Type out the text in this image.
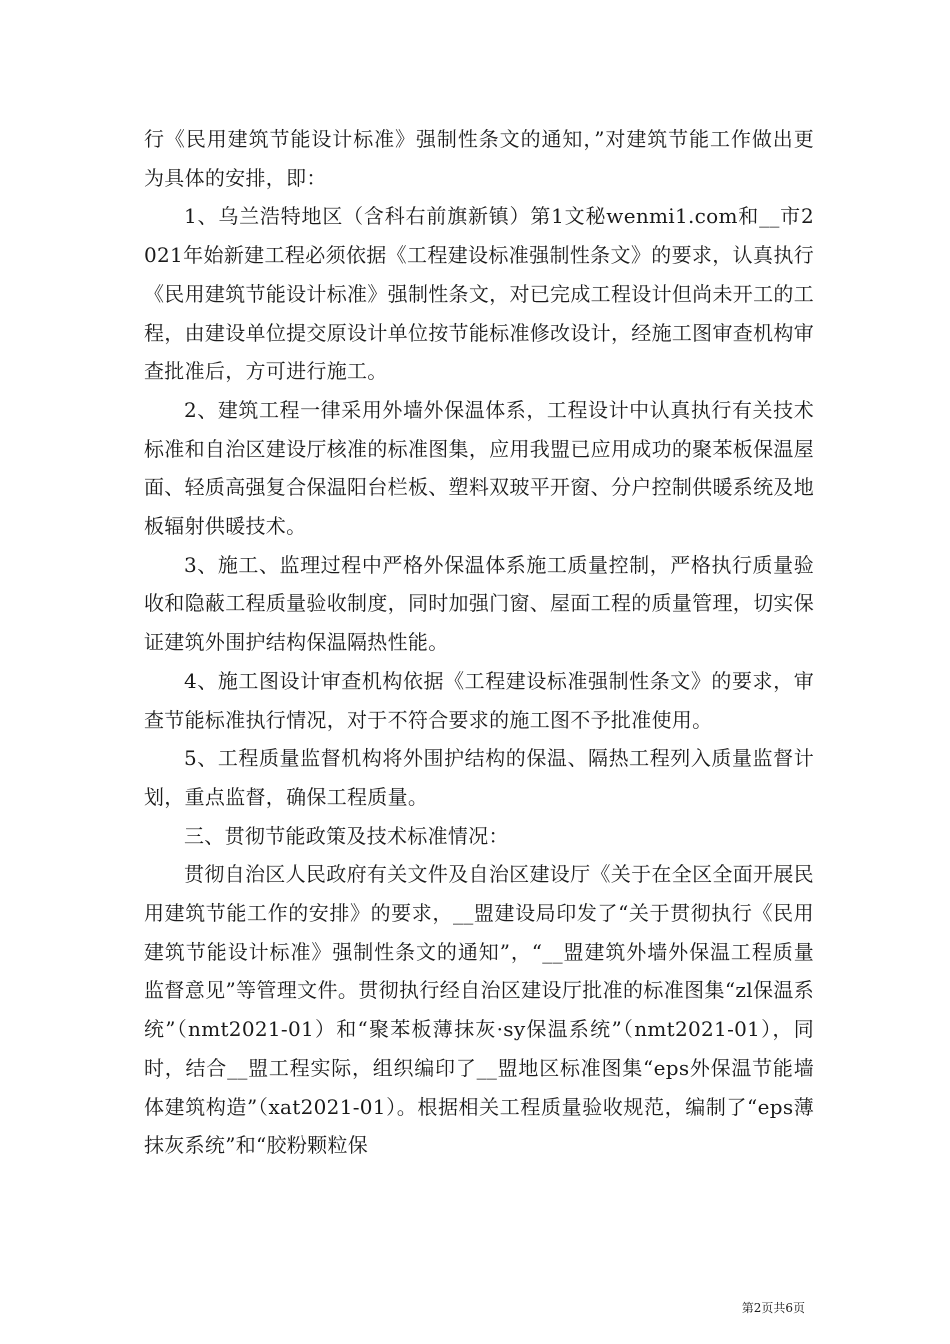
行《民用建筑节能设计标准》强制性条文的通知，”对建筑节能工作做出更为具体的安排，即：

1、乌兰浩特地区（含科右前旗新镇）第1文秘wenmi1.com和__市2021年始新建工程必须依据《工程建设标准强制性条文》的要求，认真执行《民用建筑节能设计标准》强制性条文，对已完成工程设计但尚未开工的工程，由建设单位提交原设计单位按节能标准修改设计，经施工图审查机构审查批准后，方可进行施工。

2、建筑工程一律采用外墙外保温体系，工程设计中认真执行有关技术标准和自治区建设厅核准的标准图集，应用我盟已应用成功的聚苯板保温屋面、轻质高强复合保温阳台栏板、塑料双玻平开窗、分户控制供暖系统及地板辐射供暖技术。

3、施工、监理过程中严格外保温体系施工质量控制，严格执行质量验收和隐蔽工程质量验收制度，同时加强门窗、屋面工程的质量管理，切实保证建筑外围护结构保温隔热性能。

4、施工图设计审查机构依据《工程建设标准强制性条文》的要求，审查节能标准执行情况，对于不符合要求的施工图不予批准使用。

5、工程质量监督机构将外围护结构的保温、隔热工程列入质量监督计划，重点监督，确保工程质量。

三、贯彻节能政策及技术标准情况：

贯彻自治区人民政府有关文件及自治区建设厅《关于在全区全面开展民用建筑节能工作的安排》的要求，__盟建设局印发了“关于贯彻执行《民用建筑节能设计标准》强制性条文的通知”，“__盟建筑外墙外保温工程质量监督意见”等管理文件。贯彻执行经自治区建设厅批准的标准图集“zl保温系统”（nmt2021-01）和“聚苯板薄抹灰·sy保温系统”（nmt2021-01），同时，结合__盟工程实际，组织编印了__盟地区标准图集“eps外保温节能墙体建筑构造”（xat2021-01）。根据相关工程质量验收规范，编制了“eps薄抹灰系统”和“胶粉颗粒保

第2页共6页
